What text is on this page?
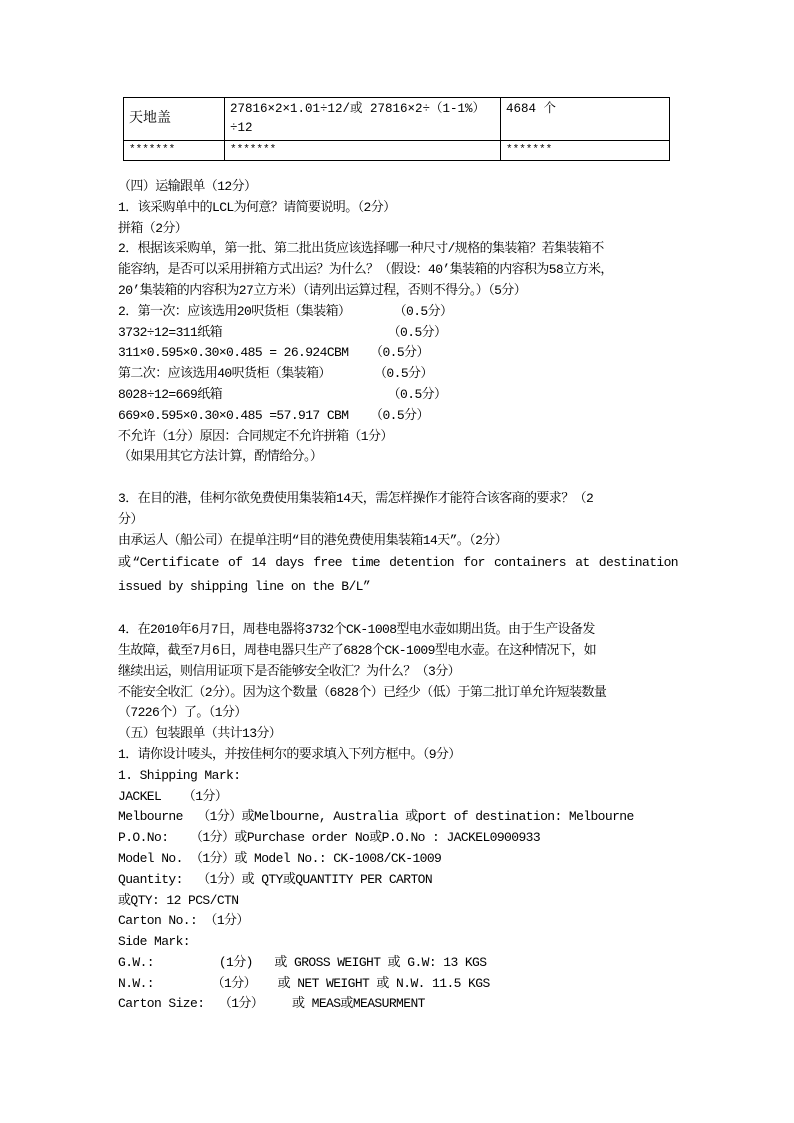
天地盖	27816×2×1.01÷12/或 27816×2÷（1-1%）÷12	4684 个
*******	*******	*******
（四）运输跟单（12分）
1．该采购单中的LCL为何意？请简要说明。（2分）
拼箱（2分）
2．根据该采购单，第一批、第二批出货应该选择哪一种尺寸/规格的集装箱？若集装箱不
能容纳，是否可以采用拼箱方式出运？为什么？（假设：40’集装箱的内容积为58立方米，
20’集装箱的内容积为27立方米）（请列出运算过程，否则不得分。）（5分）
2．第一次：应该选用20呎货柜（集装箱）      （0.5分）
3732÷12=311纸箱                       （0.5分）
311×0.595×0.30×0.485 = 26.924CBM   （0.5分）
第二次：应该选用40呎货柜（集装箱）      （0.5分）
8028÷12=669纸箱                       （0.5分）
669×0.595×0.30×0.485 =57.917 CBM   （0.5分）
不允许（1分）原因：合同规定不允许拼箱（1分）
（如果用其它方法计算，酌情给分。）
3．在目的港，佳柯尔欲免费使用集装箱14天，需怎样操作才能符合该客商的要求？（2
分）
由承运人（船公司）在提单注明“目的港免费使用集装箱14天”。（2分）
或“Certificate of 14 days free time detention for containers at destination
issued by shipping line on the B/L”
4．在2010年6月7日，周巷电器将3732个CK-1008型电水壶如期出货。由于生产设备发
生故障，截至7月6日，周巷电器只生产了6828个CK-1009型电水壶。在这种情况下，如
继续出运，则信用证项下是否能够安全收汇？为什么？（3分）
不能安全收汇（2分）。因为这个数量（6828个）已经少（低）于第二批订单允许短装数量
（7226个）了。（1分）
（五）包装跟单（共计13分）
1．请你设计唛头，并按佳柯尔的要求填入下列方框中。（9分）
1. Shipping Mark:
JACKEL   （1分）
Melbourne  （1分）或Melbourne, Australia 或port of destination: Melbourne
P.O.No:   （1分）或Purchase order No或P.O.No : JACKEL0900933
Model No. （1分）或 Model No.: CK-1008/CK-1009
Quantity:  （1分）或 QTY或QUANTITY PER CARTON
或QTY: 12 PCS/CTN
Carton No.: （1分）
Side Mark:
G.W.:         (1分)   或 GROSS WEIGHT 或 G.W: 13 KGS
N.W.:        （1分）   或 NET WEIGHT 或 N.W. 11.5 KGS
Carton Size:  （1分）    或 MEAS或MEASURMENT
